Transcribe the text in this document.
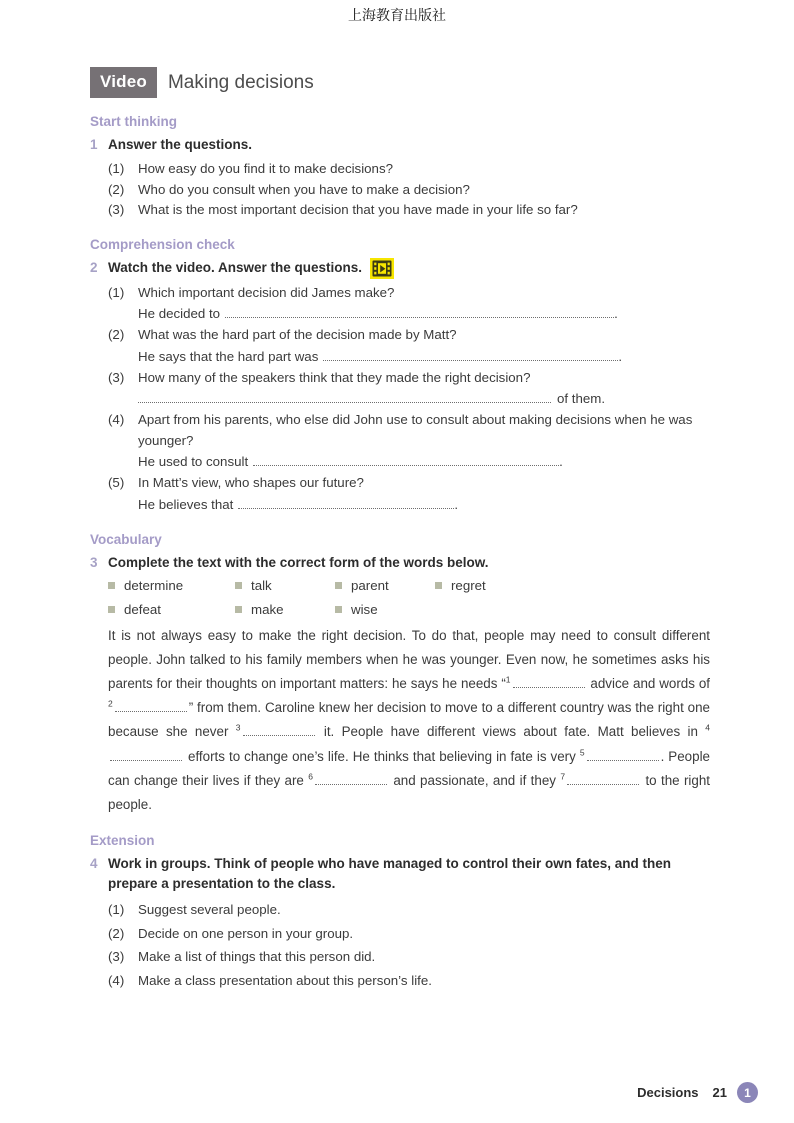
上海教育出版社
Video	Making decisions
Start thinking
1 Answer the questions.

(1)	How easy do you find it to make decisions?
(2)	Who do you consult when you have to make a decision?
(3)	What is the most important decision that you have made in your life so far?
Comprehension check
2 Watch the video. Answer the questions.
(1)	Which important decision did James make?
He decided to	.
(2)	What was the hard part of the decision made by Matt?
He says that the hard part was	.
(3)	How many of the speakers think that they made the right decision?
of them.
(4)	Apart from his parents, who else did John use to consult about making decisions when he was younger?
He used to consult	.
(5)	In Matt’s view, who shapes our future?
He believes that	.
Vocabulary
3 Complete the text with the correct form of the words below.

determine	talk	parent	regret
defeat	make	wise

It is not always easy to make the right decision. To do that, people may need to consult different people. John talked to his family members when he was younger. Even now, he sometimes asks his parents for their thoughts on important matters: he says he needs “$^1$	advice and words of $^2$	” from them. Caroline knew her decision to move to a different country was the right one because she never $^3$	it. People have different views about fate. Matt believes in $^4$ efforts to change one’s life. He thinks that believing in fate is very $^5$	. People can change their lives if they are $^6$	and passionate, and if they $^7$	to the right people.

Extension
4 Work in groups. Think of people who have managed to control their own fates, and then prepare a presentation to the class.

(1)	Suggest several people.
(2)	Decide on one person in your group.
(3)	Make a list of things that this person did.
(4)	Make a class presentation about this person’s life.
Decisions 21	1
